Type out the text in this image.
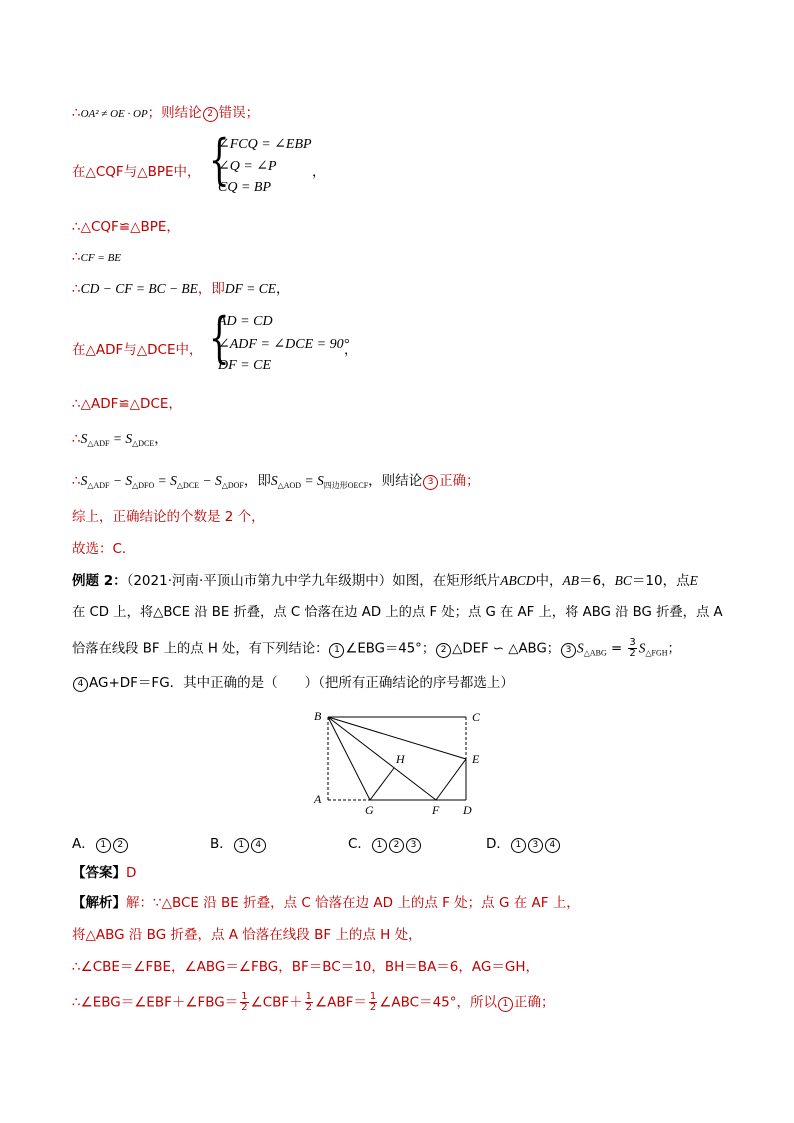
∴OA² ≠ OE · OP；则结论 2 错误；
在△CQF与△BPE中， {
∠FCQ = ∠EBP
∠Q = ∠P
CQ = BP
，
∴△CQF≌△BPE，
∴CF = BE
∴CD − CF = BC − BE，即DF = CE，
在△ADF与△DCE中， {
AD = CD
∠ADF = ∠DCE = 90°
DF = CE
，
∴△ADF≌△DCE，
$\therefore S_{\triangle ADF} = S_{\triangle DCE}$，
$\therefore S_{\triangle ADF} - S_{\triangle DFO} = S_{\triangle DCE} - S_{\triangle DOF}$，即$S_{\triangle AOD} = S_{四边形OECF}$，则结论 3 正确；
综上，正确结论的个数是 2 个，
故选：C．
例题 2：（2021·河南·平顶山市第九中学九年级期中）如图，在矩形纸片ABCD中，AB＝6，BC＝10，点E
在 CD 上，将△BCE 沿 BE 折叠，点 C 恰落在边 AD 上的点 F 处；点 G 在 AF 上，将 ABG 沿 BG 折叠，点 A
恰落在线段 BF 上的点 H 处，有下列结论： 1 ∠EBG＝45°； 2 △DEF ∽ △ABG； 3 $S_{\triangle ABG} = \frac{3}{2} S_{\triangle FGH}$；
4 AG+DF＝FG．其中正确的是（　　）（把所有正确结论的序号都选上）
B	C
H	E
A
G	F D
A． 1 2	B． 1 4	C． 1 2 3	D． 1 3 4
【答案】D
【解析】解：∵△BCE 沿 BE 折叠，点 C 恰落在边 AD 上的点 F 处；点 G 在 AF 上，
将△ABG 沿 BG 折叠，点 A 恰落在线段 BF 上的点 H 处，
∴∠CBE＝∠FBE，∠ABG＝∠FBG，BF＝BC＝10，BH＝BA＝6，AG＝GH，
∴∠EBG＝∠EBF＋∠FBG＝ $\frac{1}{2}$ ∠CBF＋ $\frac{1}{2}$ ∠ABF＝ $\frac{1}{2}$ ∠ABC＝45°，所以 1 正确；
